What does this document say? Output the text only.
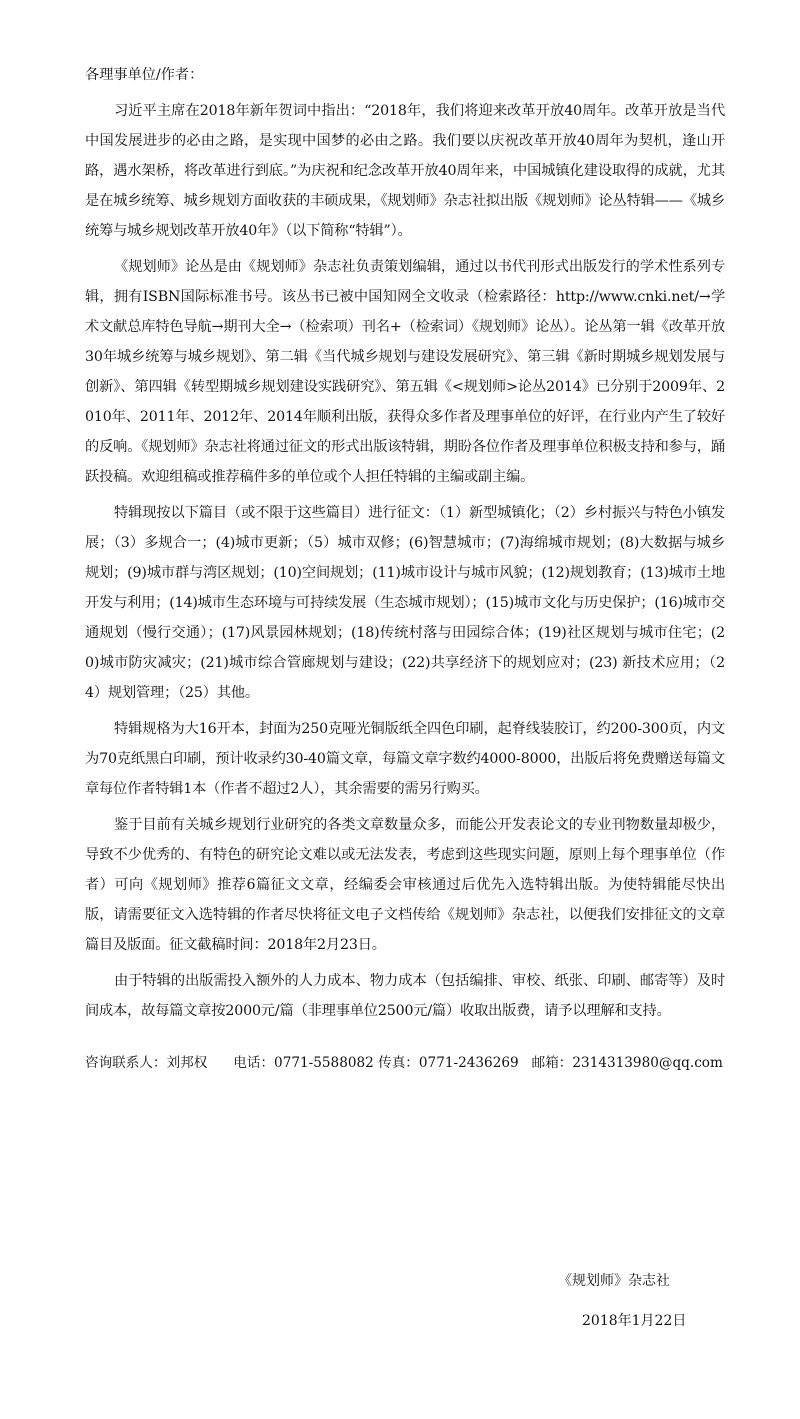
各理事单位/作者：

习近平主席在2018年新年贺词中指出：“2018年，我们将迎来改革开放40周年。改革开放是当代中国发展进步的必由之路，是实现中国梦的必由之路。我们要以庆祝改革开放40周年为契机，逢山开路，遇水架桥，将改革进行到底。”为庆祝和纪念改革开放40周年来，中国城镇化建设取得的成就，尤其是在城乡统筹、城乡规划方面收获的丰硕成果，《规划师》杂志社拟出版《规划师》论丛特辑——《城乡统筹与城乡规划改革开放40年》（以下简称“特辑”）。

《规划师》论丛是由《规划师》杂志社负责策划编辑，通过以书代刊形式出版发行的学术性系列专辑，拥有ISBN国际标准书号。该丛书已被中国知网全文收录（检索路径：http://www.cnki.net/→学术文献总库特色导航→期刊大全→（检索项）刊名+（检索词）《规划师》论丛）。论丛第一辑《改革开放30年城乡统筹与城乡规划》、第二辑《当代城乡规划与建设发展研究》、第三辑《新时期城乡规划发展与创新》、第四辑《转型期城乡规划建设实践研究》、第五辑《<规划师>论丛2014》已分别于2009年、2010年、2011年、2012年、2014年顺利出版，获得众多作者及理事单位的好评，在行业内产生了较好的反响。《规划师》杂志社将通过征文的形式出版该特辑，期盼各位作者及理事单位积极支持和参与，踊跃投稿。欢迎组稿或推荐稿件多的单位或个人担任特辑的主编或副主编。

特辑现按以下篇目（或不限于这些篇目）进行征文：（1）新型城镇化；（2）乡村振兴与特色小镇发展；（3）多规合一；(4)城市更新；（5）城市双修；(6)智慧城市；(7)海绵城市规划；(8)大数据与城乡规划；(9)城市群与湾区规划；(10)空间规划；(11)城市设计与城市风貌；(12)规划教育；(13)城市土地开发与利用；(14)城市生态环境与可持续发展（生态城市规划）；(15)城市文化与历史保护；(16)城市交通规划（慢行交通）；(17)风景园林规划；(18)传统村落与田园综合体；(19)社区规划与城市住宅；(20)城市防灾减灾；(21)城市综合管廊规划与建设；(22)共享经济下的规划应对；(23) 新技术应用；（24）规划管理；（25）其他。

特辑规格为大16开本，封面为250克哑光铜版纸全四色印刷，起脊线装胶订，约200-300页，内文为70克纸黑白印刷，预计收录约30-40篇文章，每篇文章字数约4000-8000，出版后将免费赠送每篇文章每位作者特辑1本（作者不超过2人），其余需要的需另行购买。

鉴于目前有关城乡规划行业研究的各类文章数量众多，而能公开发表论文的专业刊物数量却极少，导致不少优秀的、有特色的研究论文难以或无法发表，考虑到这些现实问题，原则上每个理事单位（作者）可向《规划师》推荐6篇征文文章，经编委会审核通过后优先入选特辑出版。为使特辑能尽快出版，请需要征文入选特辑的作者尽快将征文电子文档传给《规划师》杂志社，以便我们安排征文的文章篇目及版面。征文截稿时间：2018年2月23日。

由于特辑的出版需投入额外的人力成本、物力成本（包括编排、审校、纸张、印刷、邮寄等）及时间成本，故每篇文章按2000元/篇（非理事单位2500元/篇）收取出版费，请予以理解和支持。

咨询联系人：刘邦权 电话：0771-5588082 传真：0771-2436269 邮箱：2314313980@qq.com
《规划师》杂志社
2018年1月22日
